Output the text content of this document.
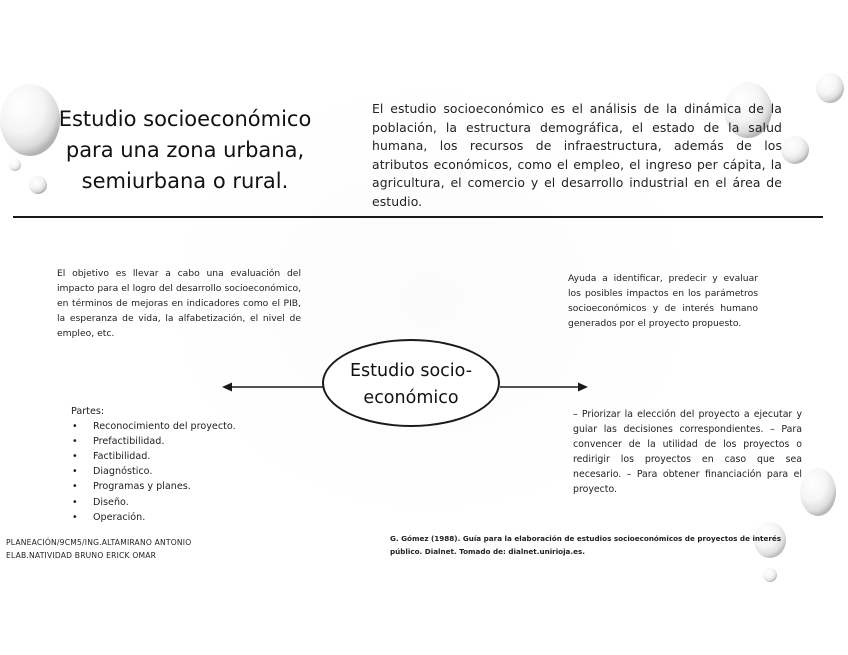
Estudio socioeconómico
para una zona urbana,
semiurbana o rural.
El estudio socioeconómico es el análisis de la dinámica de la población, la estructura demográfica, el estado de la salud humana, los recursos de infraestructura, además de los atributos económicos, como el empleo, el ingreso per cápita, la agricultura, el comercio y el desarrollo industrial en el área de estudio.
El objetivo es llevar a cabo una evaluación del impacto para el logro del desarrollo socioeconómico, en términos de mejoras en indicadores como el PIB, la esperanza de vida, la alfabetización, el nivel de empleo, etc.
Ayuda a identificar, predecir y evaluar los posibles impactos en los parámetros socioeconómicos y de interés humano generados por el proyecto propuesto.
Estudio socio-
económico
Partes:
• Reconocimiento del proyecto.
• Prefactibilidad.
• Factibilidad.
• Diagnóstico.
• Programas y planes.
• Diseño.
• Operación.
– Priorizar la elección del proyecto a ejecutar y guiar las decisiones correspondientes. – Para convencer de la utilidad de los proyectos o redirigir los proyectos en caso que sea necesario. – Para obtener financiación para el proyecto.
PLANEACIÓN/9CM5/ING.ALTAMIRANO ANTONIO
ELAB.NATIVIDAD BRUNO ERICK OMAR
G. Gómez (1988). Guía para la elaboración de estudios socioeconómicos de proyectos de interés
público. Dialnet. Tomado de: dialnet.unirioja.es.
